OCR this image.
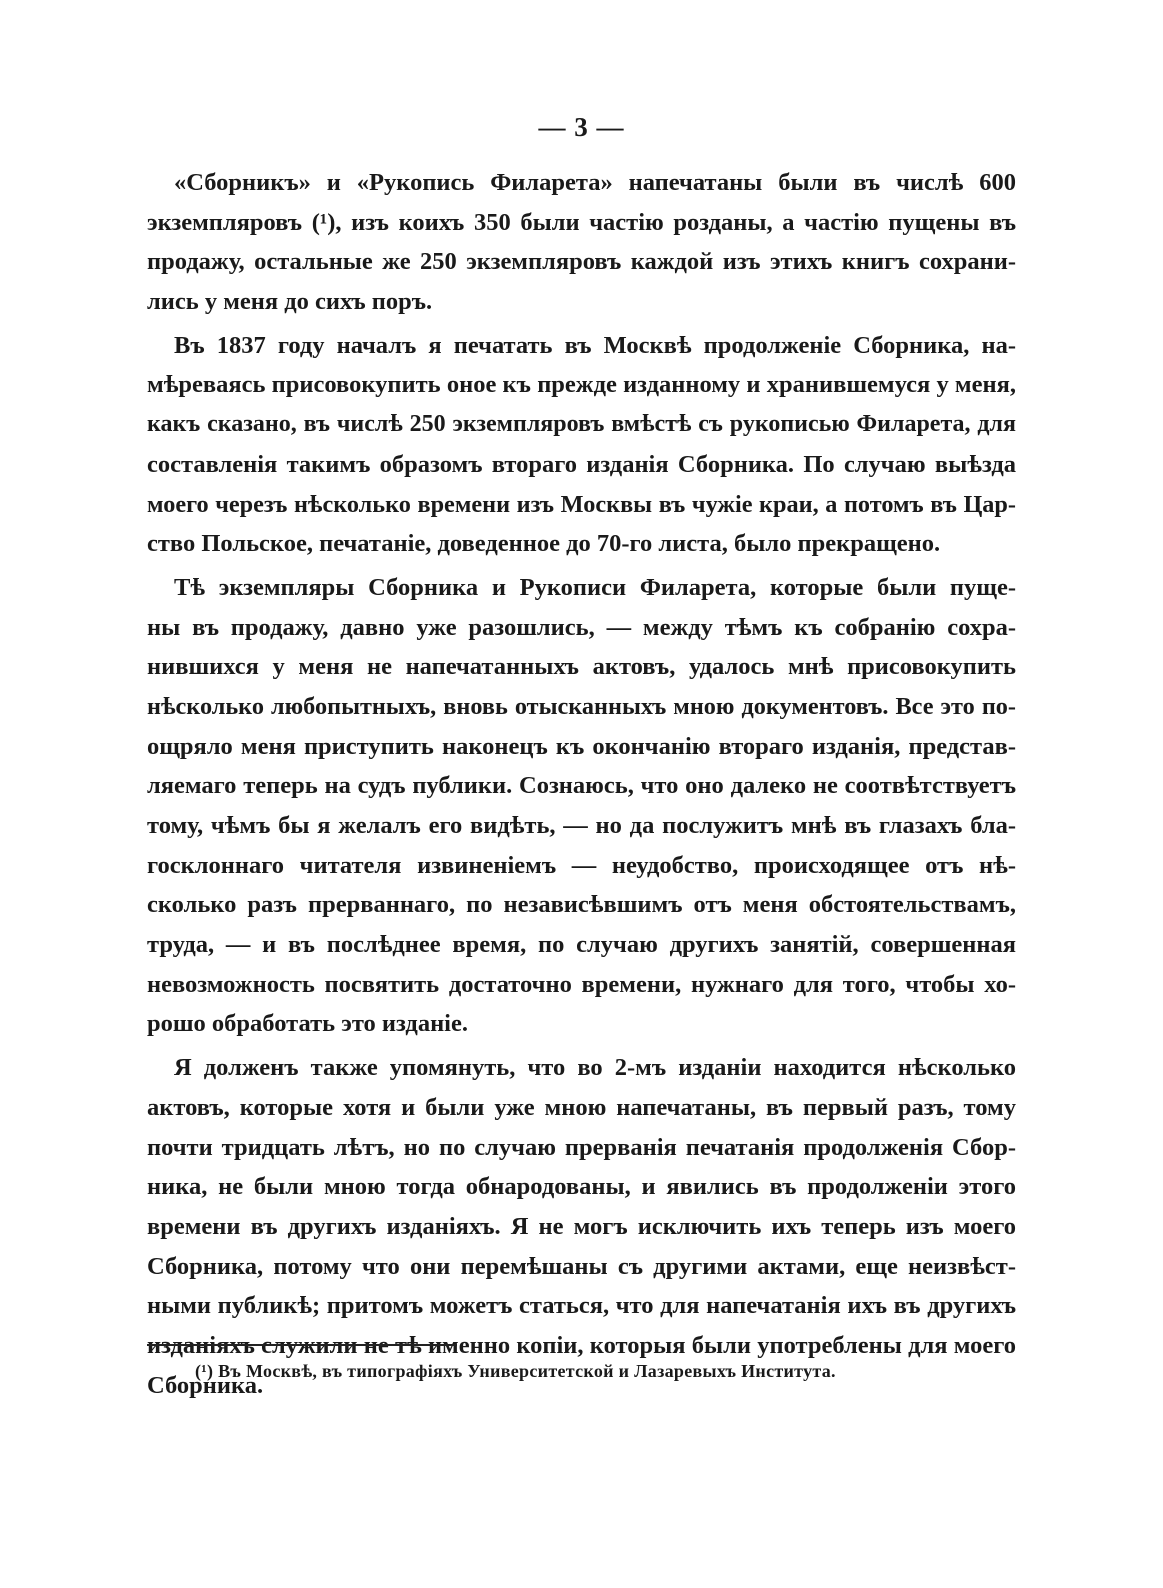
— 3 —
«Сборникъ» и «Рукопись Филарета» напечатаны были въ числѣ 600
экземпляровъ (¹), изъ коихъ 350 были частію розданы, а частію пущены въ
продажу, остальные же 250 экземпляровъ каждой изъ этихъ книгъ сохрани-
лись у меня до сихъ поръ.
Въ 1837 году началъ я печатать въ Москвѣ продолженіе Сборника, на-
мѣреваясь присовокупить оное къ прежде изданному и хранившемуся у меня,
какъ сказано, въ числѣ 250 экземпляровъ вмѣстѣ съ рукописью Филарета, для
составленія такимъ образомъ втораго изданія Сборника. По случаю выѣзда
моего черезъ нѣсколько времени изъ Москвы въ чужіе краи, а потомъ въ Цар-
ство Польское, печатаніе, доведенное до 70-го листа, было прекращено.
Тѣ экземпляры Сборника и Рукописи Филарета, которые были пуще-
ны въ продажу, давно уже разошлись, — между тѣмъ къ собранію сохра-
нившихся у меня не напечатанныхъ актовъ, удалось мнѣ присовокупить
нѣсколько любопытныхъ, вновь отысканныхъ мною документовъ. Все это по-
ощряло меня приступить наконецъ къ окончанію втораго изданія, представ-
ляемаго теперь на судъ публики. Сознаюсь, что оно далеко не соотвѣтствуетъ
тому, чѣмъ бы я желалъ его видѣть, — но да послужитъ мнѣ въ глазахъ бла-
госклоннаго читателя извиненіемъ — неудобство, происходящее отъ нѣ-
сколько разъ прерваннаго, по независѣвшимъ отъ меня обстоятельствамъ,
труда, — и въ послѣднее время, по случаю другихъ занятій, совершенная
невозможность посвятить достаточно времени, нужнаго для того, чтобы хо-
рошо обработать это изданіе.
Я долженъ также упомянуть, что во 2-мъ изданіи находится нѣсколько
актовъ, которые хотя и были уже мною напечатаны, въ первый разъ, тому
почти тридцать лѣтъ, но по случаю прерванія печатанія продолженія Сбор-
ника, не были мною тогда обнародованы, и явились въ продолженіи этого
времени въ другихъ изданіяхъ. Я не могъ исключить ихъ теперь изъ моего
Сборника, потому что они перемѣшаны съ другими актами, еще неизвѣст-
ными публикѣ; притомъ можетъ статься, что для напечатанія ихъ въ другихъ
изданіяхъ служили не тѣ именно копіи, которыя были употреблены для моего
Сборника.
(¹) Въ Москвѣ, въ типографіяхъ Университетской и Лазаревыхъ Института.
